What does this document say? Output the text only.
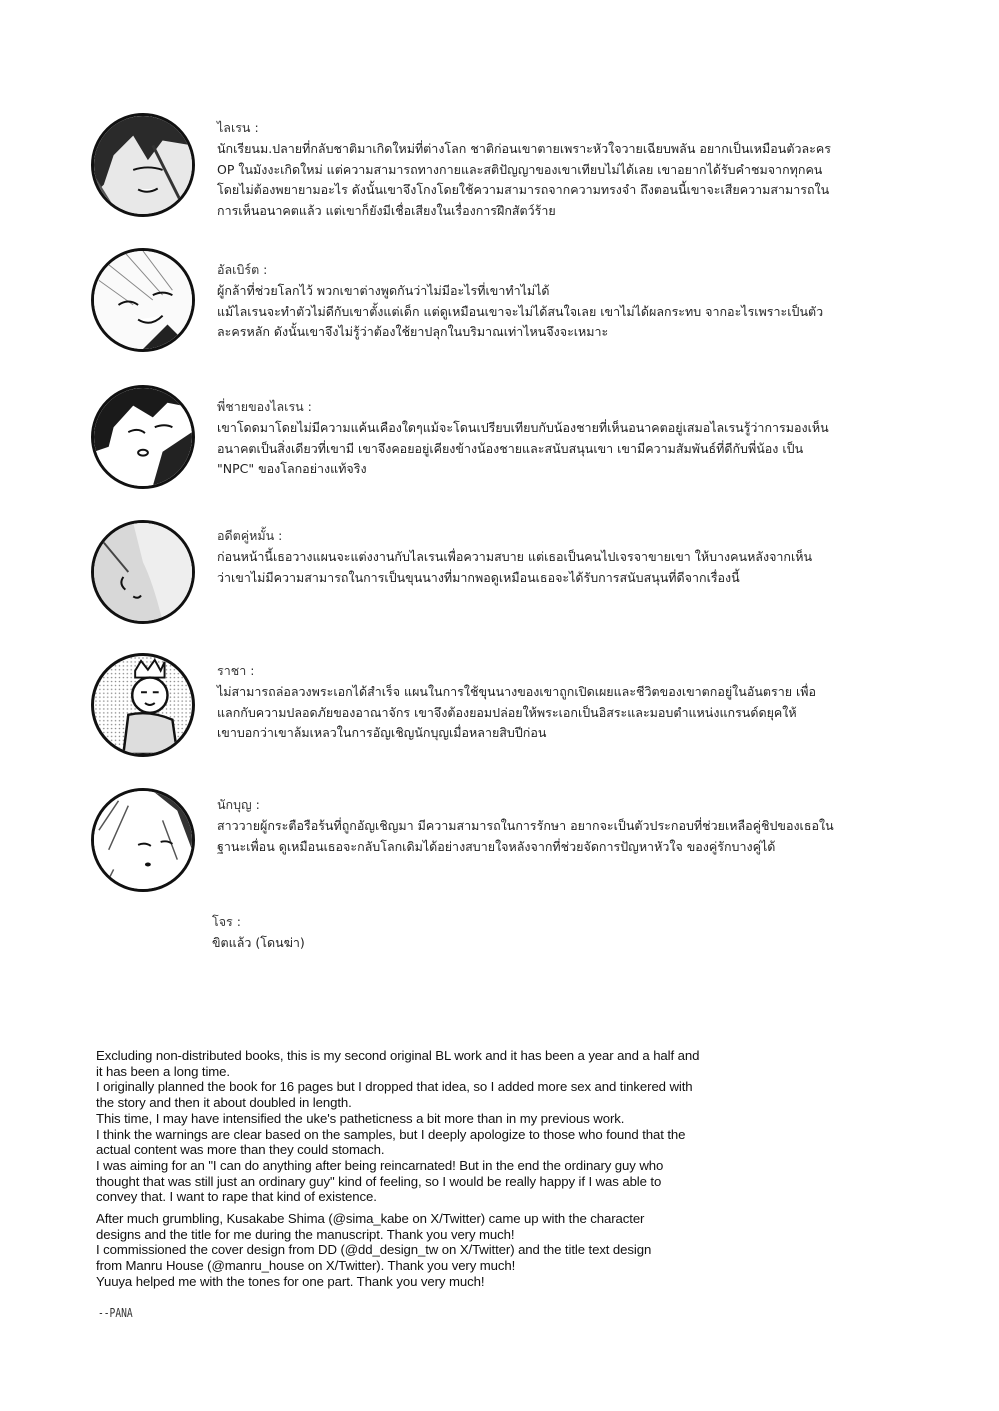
ไลเรน :
นักเรียนม.ปลายที่กลับชาติมาเกิดใหม่ที่ต่างโลก ชาติก่อนเขาตายเพราะหัวใจวายเฉียบพลัน อยากเป็นเหมือนตัวละคร
OP ในมังงะเกิดใหม่ แต่ความสามารถทางกายและสติปัญญาของเขาเทียบไม่ได้เลย เขาอยากได้รับคำชมจากทุกคน
โดยไม่ต้องพยายามอะไร ดังนั้นเขาจึงโกงโดยใช้ความสามารถจากความทรงจำ ถึงตอนนี้เขาจะเสียความสามารถใน
การเห็นอนาคตแล้ว แต่เขาก็ยังมีเชื่อเสียงในเรื่องการฝึกสัตว์ร้าย
อัลเบิร์ต :
ผู้กล้าที่ช่วยโลกไว้ พวกเขาต่างพูดกันว่าไม่มีอะไรที่เขาทำไม่ได้
แม้ไลเรนจะทำตัวไม่ดีกับเขาตั้งแต่เด็ก แต่ดูเหมือนเขาจะไม่ได้สนใจเลย เขาไม่ได้ผลกระทบ จากอะไรเพราะเป็นตัว
ละครหลัก ดังนั้นเขาจึงไม่รู้ว่าต้องใช้ยาปลุกในบริมาณเท่าไหนจึงจะเหมาะ
พี่ชายของไลเรน :
เขาโดดมาโดยไม่มีความแค้นเคืองใดๆแม้จะโดนเปรียบเทียบกับน้องชายที่เห็นอนาคตอยู่เสมอไลเรนรู้ว่าการมองเห็น
อนาคตเป็นสิ่งเดียวที่เขามี เขาจึงคอยอยู่เคียงข้างน้องชายและสนับสนุนเขา เขามีความสัมพันธ์ที่ดีกับพี่น้อง เป็น
"NPC" ของโลกอย่างแท้จริง
อดีตคู่หมั้น :
ก่อนหน้านี้เธอวางแผนจะแต่งงานกับไลเรนเพื่อความสบาย แต่เธอเป็นคนไปเจรจาขายเขา ให้บางคนหลังจากเห็น
ว่าเขาไม่มีความสามารถในการเป็นขุนนางที่มากพอดูเหมือนเธอจะได้รับการสนับสนุนที่ดีจากเรื่องนี้
ราชา :
ไม่สามารถล่อลวงพระเอกได้สำเร็จ แผนในการใช้ขุนนางของเขาถูกเปิดเผยและชีวิตของเขาตกอยู่ในอันตราย เพื่อ
แลกกับความปลอดภัยของอาณาจักร เขาจึงต้องยอมปล่อยให้พระเอกเป็นอิสระและมอบตำแหน่งแกรนด์ดยุคให้
เขาบอกว่าเขาล้มเหลวในการอัญเชิญนักบุญเมื่อหลายสิบปีก่อน
นักบุญ :
สาววายผู้กระตือรือร้นที่ถูกอัญเชิญมา มีความสามารถในการรักษา อยากจะเป็นตัวประกอบที่ช่วยเหลือคู่ชิปของเธอใน
ฐานะเพื่อน ดูเหมือนเธอจะกลับโลกเดิมได้อย่างสบายใจหลังจากที่ช่วยจัดการปัญหาหัวใจ ของคู่รักบางคู่ได้
โจร :
ขิตแล้ว (โดนฆ่า)
Excluding non-distributed books, this is my second original BL work and it has been a year and a half and
it has been a long time.
I originally planned the book for 16 pages but I dropped that idea, so I added more sex and tinkered with
the story and then it about doubled in length.
This time, I may have intensified the uke's patheticness a bit more than in my previous work.
I think the warnings are clear based on the samples, but I deeply apologize to those who found that the
actual content was more than they could stomach.
I was aiming for an "I can do anything after being reincarnated! But in the end the ordinary guy who
thought that was still just an ordinary guy" kind of feeling, so I would be really happy if I was able to
convey that. I want to rape that kind of existence.
After much grumbling, Kusakabe Shima (@sima_kabe on X/Twitter) came up with the character
designs and the title for me during the manuscript. Thank you very much!
I commissioned the cover design from DD (@dd_design_tw on X/Twitter) and the title text design
from Manru House (@manru_house on X/Twitter). Thank you very much!
Yuuya helped me with the tones for one part. Thank you very much!
--PANA
